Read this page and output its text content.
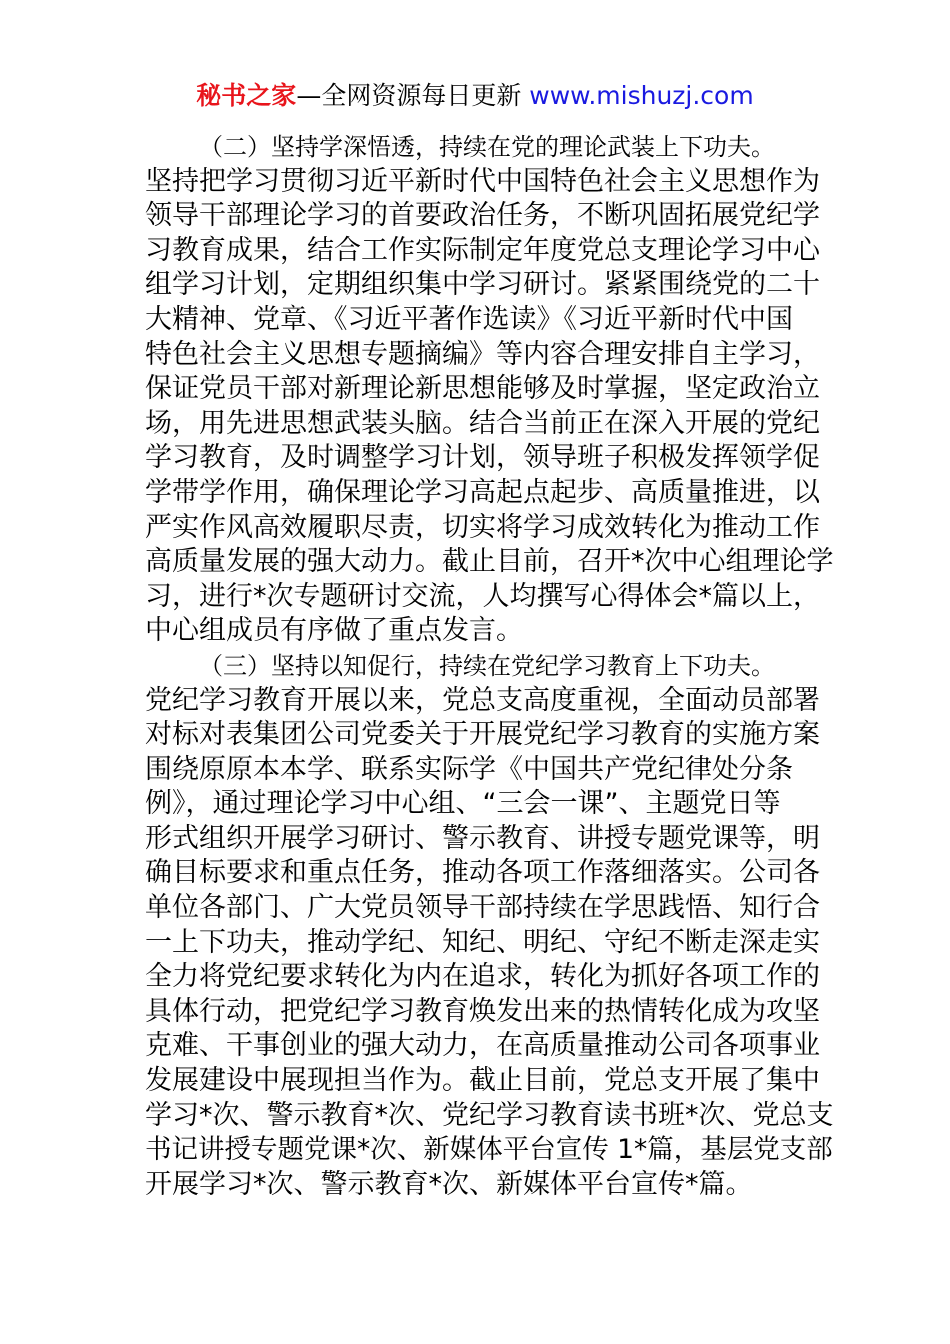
秘书之家—全网资源每日更新 www.mishuzj.com
（二）坚持学深悟透，持续在党的理论武装上下功夫。
坚持把学习贯彻习近平新时代中国特色社会主义思想作为
领导干部理论学习的首要政治任务，不断巩固拓展党纪学
习教育成果，结合工作实际制定年度党总支理论学习中心
组学习计划，定期组织集中学习研讨。紧紧围绕党的二十
大精神、党章、《习近平著作选读》《习近平新时代中国
特色社会主义思想专题摘编》等内容合理安排自主学习，
保证党员干部对新理论新思想能够及时掌握，坚定政治立
场，用先进思想武装头脑。结合当前正在深入开展的党纪
学习教育，及时调整学习计划，领导班子积极发挥领学促
学带学作用，确保理论学习高起点起步、高质量推进，以
严实作风高效履职尽责，切实将学习成效转化为推动工作
高质量发展的强大动力。截止目前，召开*次中心组理论学
习，进行*次专题研讨交流，人均撰写心得体会*篇以上，
中心组成员有序做了重点发言。
（三）坚持以知促行，持续在党纪学习教育上下功夫。
党纪学习教育开展以来，党总支高度重视，全面动员部署
对标对表集团公司党委关于开展党纪学习教育的实施方案
围绕原原本本学、联系实际学《中国共产党纪律处分条
例》，通过理论学习中心组、“三会一课”、主题党日等
形式组织开展学习研讨、警示教育、讲授专题党课等，明
确目标要求和重点任务，推动各项工作落细落实。公司各
单位各部门、广大党员领导干部持续在学思践悟、知行合
一上下功夫，推动学纪、知纪、明纪、守纪不断走深走实
全力将党纪要求转化为内在追求，转化为抓好各项工作的
具体行动，把党纪学习教育焕发出来的热情转化成为攻坚
克难、干事创业的强大动力，在高质量推动公司各项事业
发展建设中展现担当作为。截止目前，党总支开展了集中
学习*次、警示教育*次、党纪学习教育读书班*次、党总支
书记讲授专题党课*次、新媒体平台宣传 1*篇，基层党支部
开展学习*次、警示教育*次、新媒体平台宣传*篇。
